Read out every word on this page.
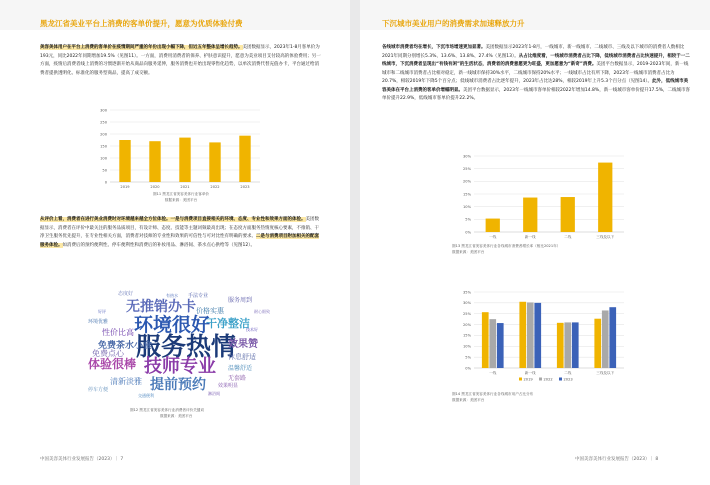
黑龙江省美业平台上消费的客单价提升，愿意为优质体验付费

美容美体用户在平台上消费的客单价在疫情期间严重的年份出现小幅下降，但近五年整体呈增长趋势。美团数据显示，2023年1-8月客单价为193元，同比2022年同期增加19.5%（见图11）。一方面，消费用消费者的保养、护肤意识提升，愿意为美业项目支付较高的体验费用；另一方面，疫情后消费者线上消费的习惯逐渐开始从商品向服务延伸，服务消费也开始出现零售化趋势，以单次消费代替充值办卡，平台通过给消费者提供透明化、标准化的服务型商品，提高了成交额。

0
50
100
150
200
250
300
2019	2020	2021	2022	2023
图11 黑龙江省美容美体行业客单价
数据来源：美团平台

从评价上看，消费者在进行美业消费时对环境越来越全方位体验。一是与消费项目直接相关的环境、态度、专业性和效果方面的体验。美团数据显示，消费者在评价中最关注的服务品质项目，有设计师、态度、技能等主题词频最高出现；在态度方面服务热情度核心要素，不推销、干净卫生服务优先提升，在专业性相关方面，消费者对技师的专业性和效果的可信性与可对比性有明确的要求。二是与消费项目附加相关的配套服务体验。如消费后的预约便利性、停车便利性和消费后的补妆用品、淋浴间、茶水点心供给等（见图12）。

服务热情
环境很好
技师专业
无推销办卡
提前预约
体验很棒
干净整洁
效果赞
免费茶水小食
性价比高
清新淡雅
免费点心
价格实惠
休息舒适
温馨舒适
服务周到
无套路
环境优雅
态度好	手法专业
效果明显
停车方便
有热水
淋浴间
交通便利
技术好
耐心细致
好评
图12 黑龙江省美容美体行业消费者评价关键词
数据来源：美团平台
中国美容美体行业发展报告（2023）｜ 7
下沉城市美业用户的消费需求加速释放力升

各线城市消费者均在增长，下沉市场增速更加显著。美团数据显示2023年1-8月，一线城市、新一线城市、二线城市、三线及以下城市的消费者人数相比2021年同期分别增长5.3%、13.6%、13.8%、27.4%（见图13）。从占比维度看，一线城市消费者占比下降，低线城市消费者占比快速提升，相较于一二线城市，下沉消费者呈现出“有钱有闲”的生活状态，消费者的消费意愿更为旺盛，更加愿意为“新奇”消费。美团平台数据显示，2019-2023年间，新一线城市和二线城市消费者占比相对稳定，新一线城市保持30%水平，二线城市保持20%水平；一线城市占比有所下降，2023年一线城市消费者占比为20.7%，相较2019年下降5个百分点；低线城市消费者占比逐年提升，2023年占比达28%，相较2019年上升5.3个百分点（见图14）。此外，低线城市美容美体在平台上消费的客单价增幅明显。美团平台数据显示，2023年一线城市客单价相较2022年增加14.8%，新一线城市客单价提升17.5%，二线城市客单价提升22.9%，低线城市客单价提升22.2%。

0%
5%
10%
15%
20%
25%
30%
一线	新一线	二线	三线及以下
图13 黑龙江省美容美体行业各线城市消费者增长率（相比2021年）
数据来源：美团平台
0%
5%
10%
15%
20%
25%
30%
35%
一线	新一线	二线	三线及以下
2019	2022	2023
图14 黑龙江省美容美体行业各线城市用户占比分布
数据来源：美团平台
中国美容美体行业发展报告（2023）｜ 8
